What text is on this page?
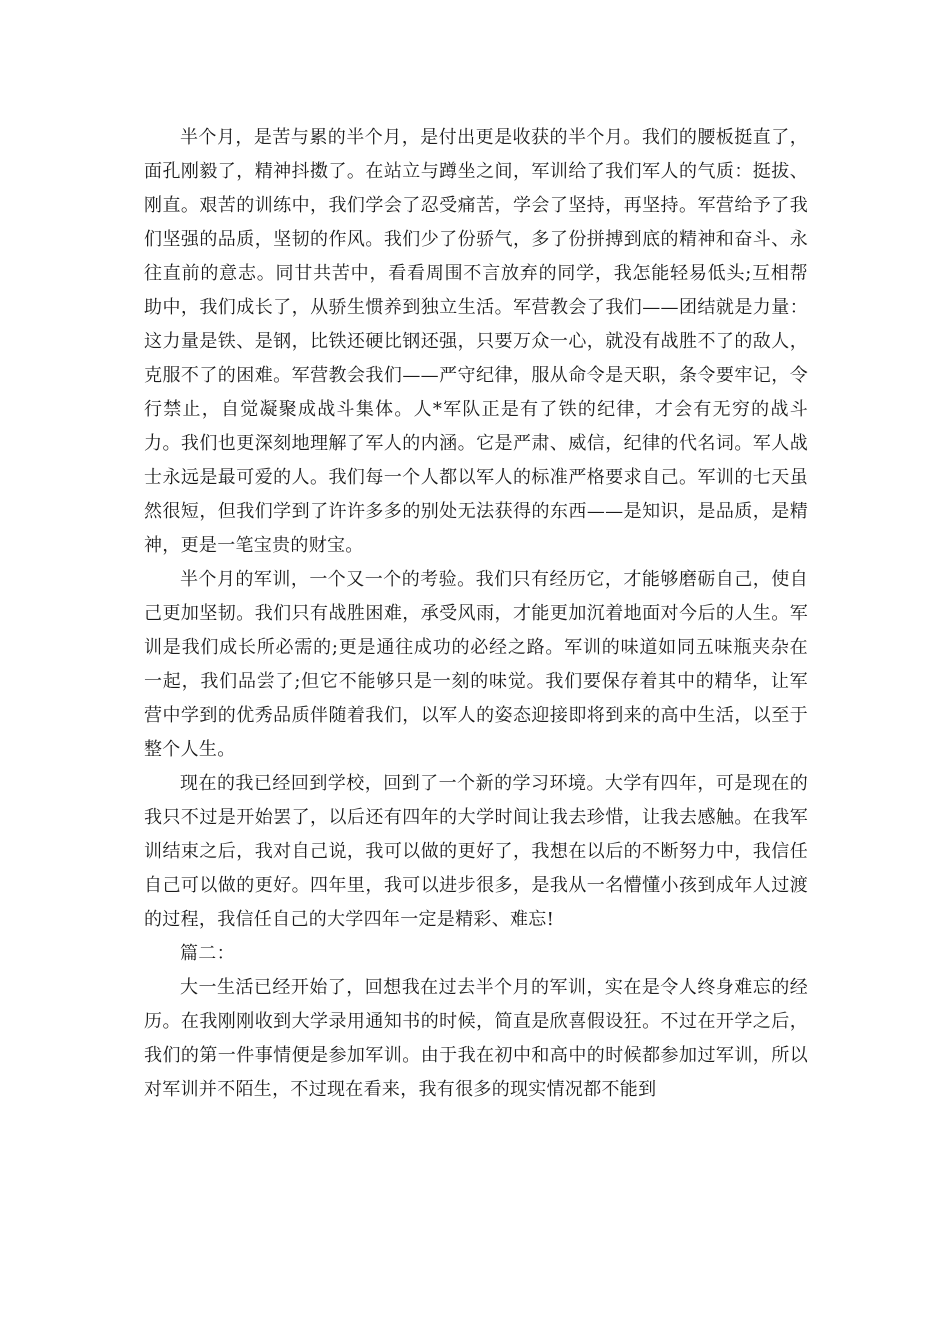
半个月，是苦与累的半个月，是付出更是收获的半个月。我们的腰板挺直了，面孔刚毅了，精神抖擞了。在站立与蹲坐之间，军训给了我们军人的气质：挺拔、刚直。艰苦的训练中，我们学会了忍受痛苦，学会了坚持，再坚持。军营给予了我们坚强的品质，坚韧的作风。我们少了份骄气，多了份拼搏到底的精神和奋斗、永往直前的意志。同甘共苦中，看看周围不言放弃的同学，我怎能轻易低头;互相帮助中，我们成长了，从骄生惯养到独立生活。军营教会了我们——团结就是力量：这力量是铁、是钢，比铁还硬比钢还强，只要万众一心，就没有战胜不了的敌人，克服不了的困难。军营教会我们——严守纪律，服从命令是天职，条令要牢记，令行禁止，自觉凝聚成战斗集体。人*军队正是有了铁的纪律，才会有无穷的战斗力。我们也更深刻地理解了军人的内涵。它是严肃、威信，纪律的代名词。军人战士永远是最可爱的人。我们每一个人都以军人的标准严格要求自己。军训的七天虽然很短，但我们学到了许许多多的别处无法获得的东西——是知识，是品质，是精神，更是一笔宝贵的财宝。

半个月的军训，一个又一个的考验。我们只有经历它，才能够磨砺自己，使自己更加坚韧。我们只有战胜困难，承受风雨，才能更加沉着地面对今后的人生。军训是我们成长所必需的;更是通往成功的必经之路。军训的味道如同五味瓶夹杂在一起，我们品尝了;但它不能够只是一刻的味觉。我们要保存着其中的精华，让军营中学到的优秀品质伴随着我们，以军人的姿态迎接即将到来的高中生活，以至于整个人生。

现在的我已经回到学校，回到了一个新的学习环境。大学有四年，可是现在的我只不过是开始罢了，以后还有四年的大学时间让我去珍惜，让我去感触。在我军训结束之后，我对自己说，我可以做的更好了，我想在以后的不断努力中，我信任自己可以做的更好。四年里，我可以进步很多，是我从一名懵懂小孩到成年人过渡的过程，我信任自己的大学四年一定是精彩、难忘!

篇二：

大一生活已经开始了，回想我在过去半个月的军训，实在是令人终身难忘的经历。在我刚刚收到大学录用通知书的时候，简直是欣喜假设狂。不过在开学之后，我们的第一件事情便是参加军训。由于我在初中和高中的时候都参加过军训，所以对军训并不陌生，不过现在看来，我有很多的现实情况都不能到
